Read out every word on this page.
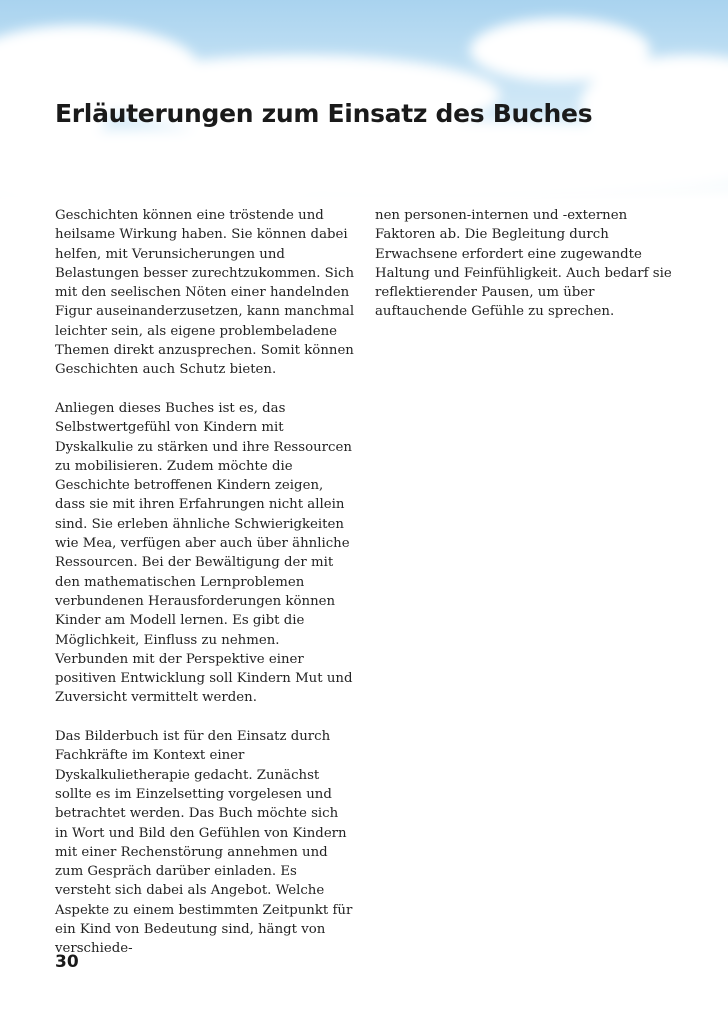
Erläuterungen zum Einsatz des Buches

Geschichten können eine tröstende und heilsame Wirkung haben. Sie können dabei helfen, mit Verunsicherungen und Belastungen besser zurechtzukommen. Sich mit den seelischen Nöten einer handelnden Figur auseinanderzusetzen, kann manchmal leichter sein, als eigene problembeladene Themen direkt anzusprechen. Somit können Geschichten auch Schutz bieten.

Anliegen dieses Buches ist es, das Selbstwertgefühl von Kindern mit Dyskalkulie zu stärken und ihre Ressourcen zu mobilisieren. Zudem möchte die Geschichte betroffenen Kindern zeigen, dass sie mit ihren Erfahrungen nicht allein sind. Sie erleben ähnliche Schwierigkeiten wie Mea, verfügen aber auch über ähnliche Ressourcen. Bei der Bewältigung der mit den mathematischen Lernproblemen verbundenen Herausforderungen können Kinder am Modell lernen. Es gibt die Möglichkeit, Einfluss zu nehmen. Verbunden mit der Perspektive einer positiven Entwicklung soll Kindern Mut und Zuversicht vermittelt werden.

Das Bilderbuch ist für den Einsatz durch Fachkräfte im Kontext einer Dyskalkulietherapie gedacht. Zunächst sollte es im Einzelsetting vorgelesen und betrachtet werden. Das Buch möchte sich in Wort und Bild den Gefühlen von Kindern mit einer Rechenstörung annehmen und zum Gespräch darüber einladen. Es versteht sich dabei als Angebot. Welche Aspekte zu einem bestimmten Zeitpunkt für ein Kind von Bedeutung sind, hängt von verschiede-

nen personen-internen und -externen Faktoren ab. Die Begleitung durch Erwachsene erfordert eine zugewandte Haltung und Feinfühligkeit. Auch bedarf sie reflektierender Pausen, um über auftauchende Gefühle zu sprechen.

30
